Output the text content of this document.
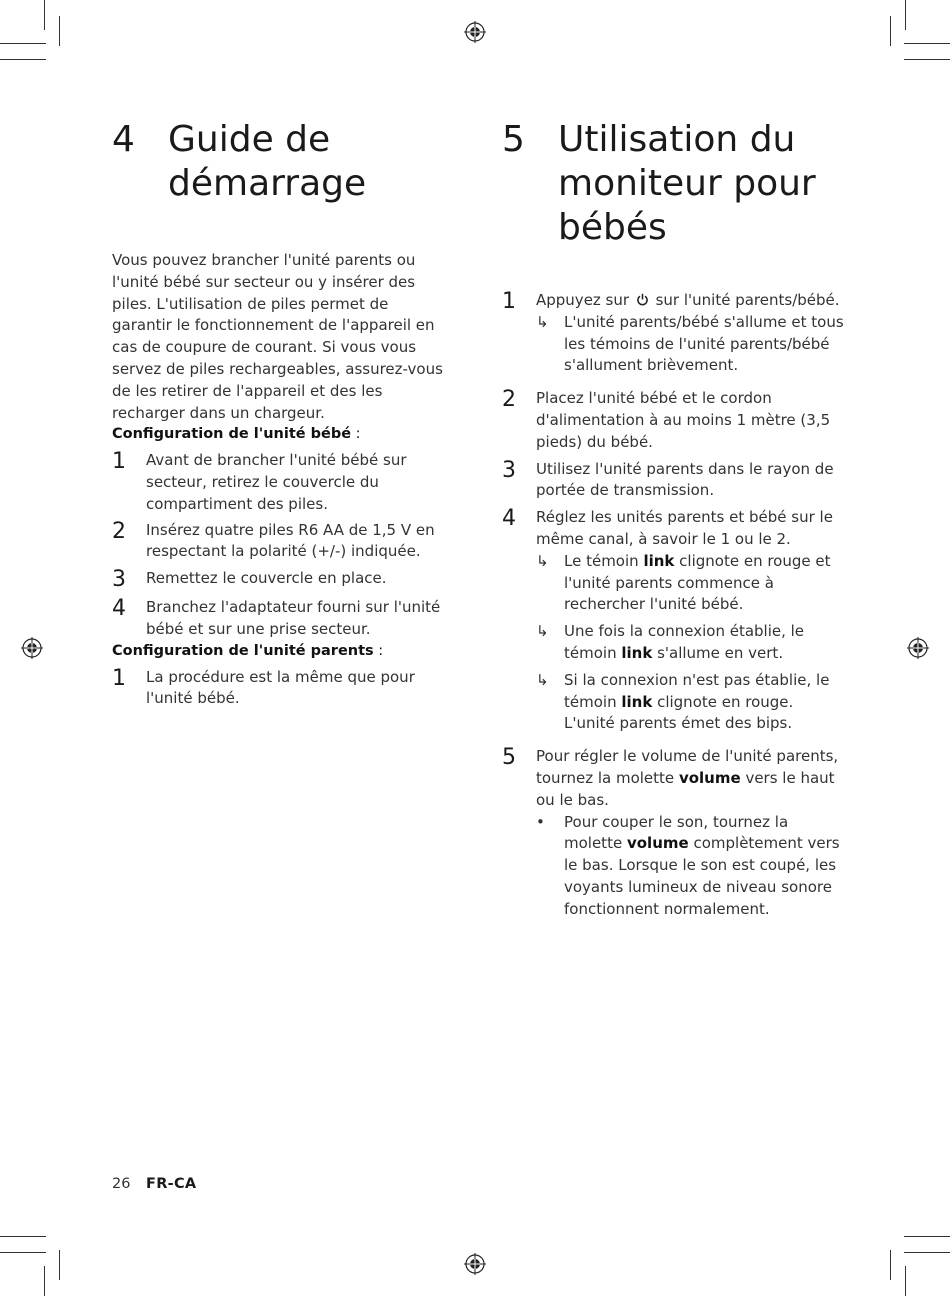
4 Guide de
démarrage

Vous pouvez brancher l'unité parents ou l'unité bébé sur secteur ou y insérer des piles. L'utilisation de piles permet de garantir le fonctionnement de l'appareil en cas de coupure de courant. Si vous vous servez de piles rechargeables, assurez-vous de les retirer de l'appareil et des les recharger dans un chargeur.

Configuration de l'unité bébé :

1	Avant de brancher l'unité bébé sur secteur, retirez le couvercle du compartiment des piles.
2	Insérez quatre piles R6 AA de 1,5 V en respectant la polarité (+/-) indiquée.
3	Remettez le couvercle en place.
4	Branchez l'adaptateur fourni sur l'unité bébé et sur une prise secteur.

Configuration de l'unité parents :

1	La procédure est la même que pour l'unité bébé.
5 Utilisation du
moniteur pour
bébés
1	Appuyez sur sur l'unité parents/bébé.
↳	L'unité parents/bébé s'allume et tous les témoins de l'unité parents/bébé s'allument brièvement.
2	Placez l'unité bébé et le cordon d'alimentation à au moins 1 mètre (3,5 pieds) du bébé.
3	Utilisez l'unité parents dans le rayon de portée de transmission.
4	Réglez les unités parents et bébé sur le même canal, à savoir le 1 ou le 2.
↳	Le témoin link clignote en rouge et l'unité parents commence à rechercher l'unité bébé.
↳	Une fois la connexion établie, le témoin link s'allume en vert.
↳	Si la connexion n'est pas établie, le témoin link clignote en rouge. L'unité parents émet des bips.
5	Pour régler le volume de l'unité parents, tournez la molette volume vers le haut ou le bas.
•	Pour couper le son, tournez la molette volume complètement vers le bas. Lorsque le son est coupé, les voyants lumineux de niveau sonore fonctionnent normalement.
26 FR-CA
